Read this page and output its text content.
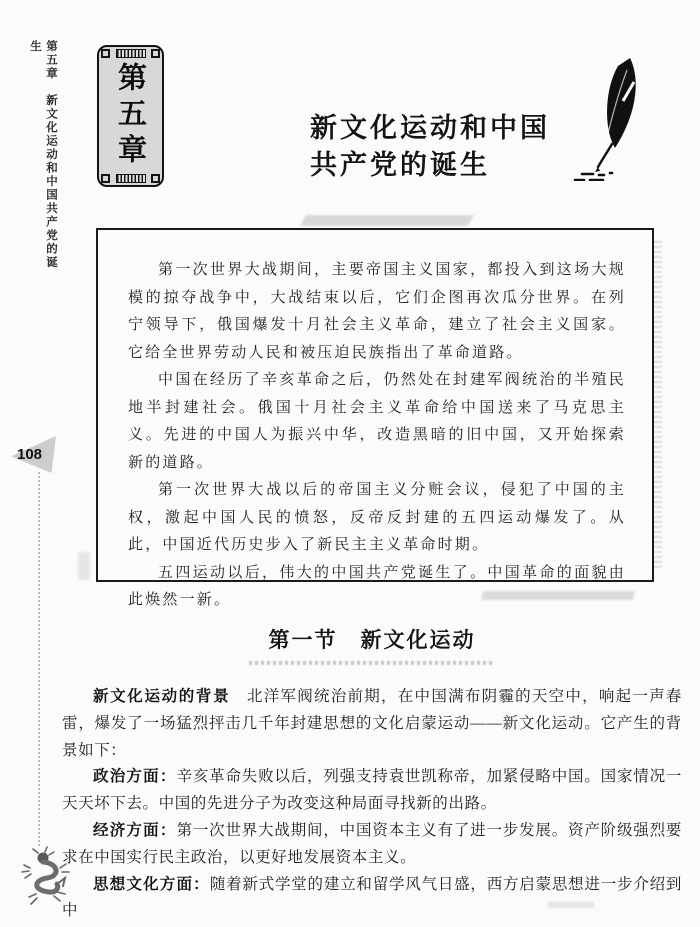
第五章　新文化运动和中国共产党的诞生
108
第五章	新文化运动和中国
共产党的诞生

第一次世界大战期间，主要帝国主义国家，都投入到这场大规模的掠夺战争中，大战结束以后，它们企图再次瓜分世界。在列宁领导下，俄国爆发十月社会主义革命，建立了社会主义国家。它给全世界劳动人民和被压迫民族指出了革命道路。

中国在经历了辛亥革命之后，仍然处在封建军阀统治的半殖民地半封建社会。俄国十月社会主义革命给中国送来了马克思主义。先进的中国人为振兴中华，改造黑暗的旧中国，又开始探索新的道路。

第一次世界大战以后的帝国主义分赃会议，侵犯了中国的主权，激起中国人民的愤怒，反帝反封建的五四运动爆发了。从此，中国近代历史步入了新民主主义革命时期。

五四运动以后，伟大的中国共产党诞生了。中国革命的面貌由此焕然一新。

第一节　新文化运动

新文化运动的背景　北洋军阀统治前期，在中国满布阴霾的天空中，响起一声春雷，爆发了一场猛烈抨击几千年封建思想的文化启蒙运动——新文化运动。它产生的背景如下：

政治方面：辛亥革命失败以后，列强支持袁世凯称帝，加紧侵略中国。国家情况一天天坏下去。中国的先进分子为改变这种局面寻找新的出路。

经济方面：第一次世界大战期间，中国资本主义有了进一步发展。资产阶级强烈要求在中国实行民主政治，以更好地发展资本主义。

思想文化方面：随着新式学堂的建立和留学风气日盛，西方启蒙思想进一步介绍到中
